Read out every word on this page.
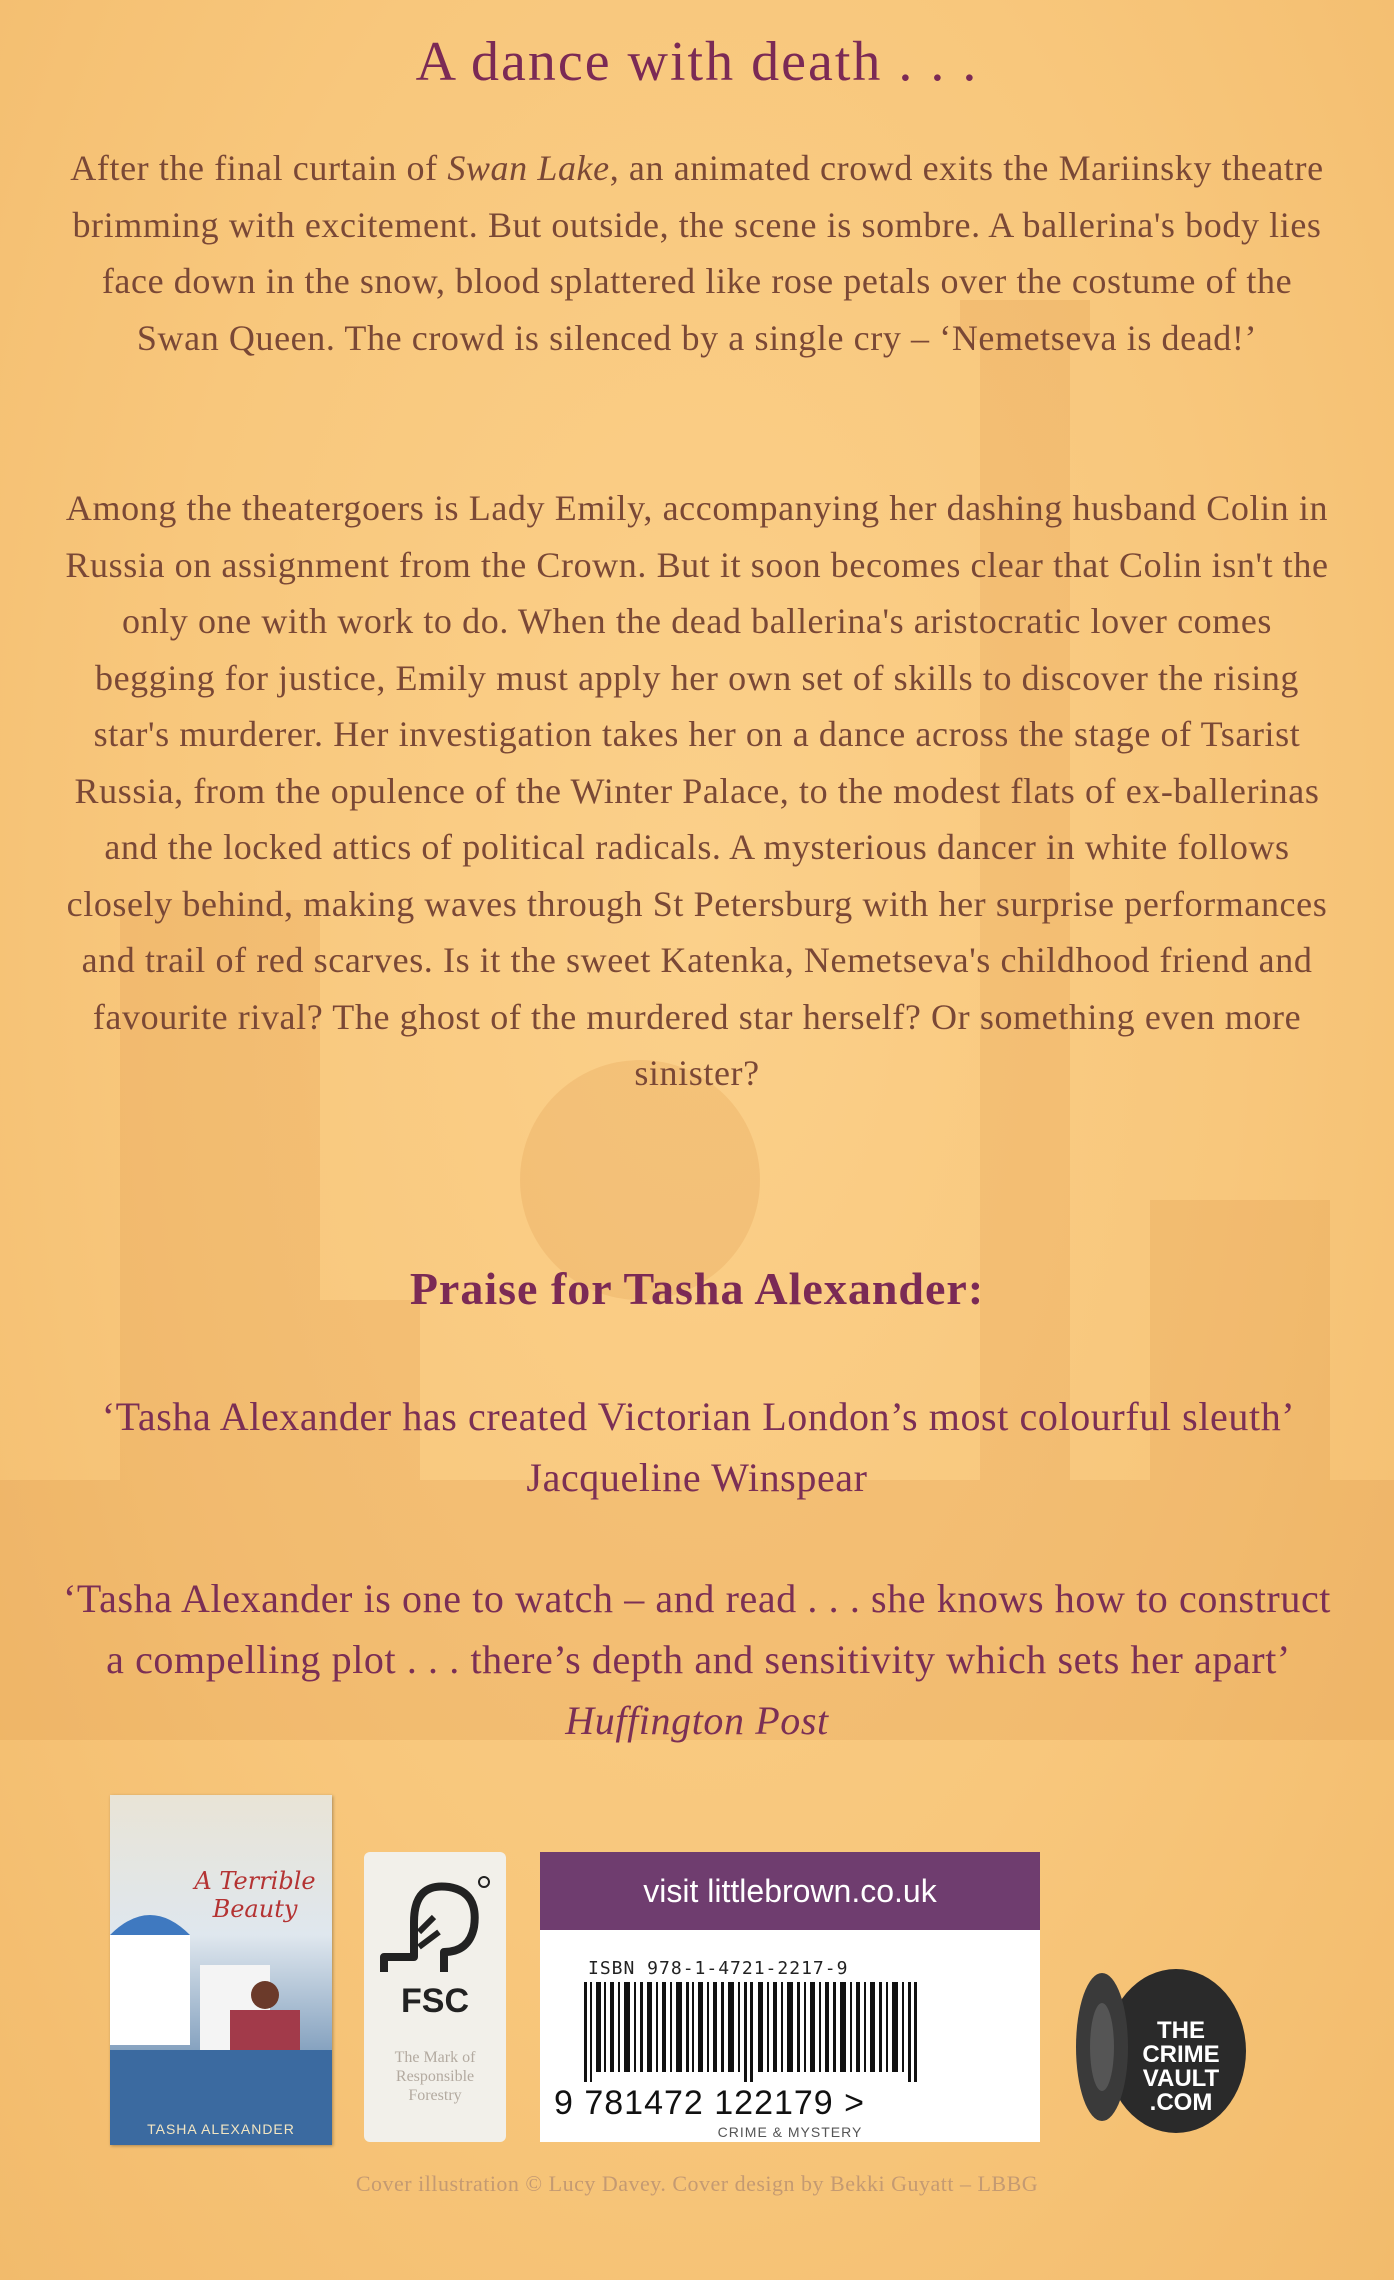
A dance with death . . .

After the final curtain of Swan Lake, an animated crowd exits the Mariinsky theatre brimming with excitement. But outside, the scene is sombre. A ballerina's body lies face down in the snow, blood splattered like rose petals over the costume of the Swan Queen. The crowd is silenced by a single cry – ‘Nemetseva is dead!’

Among the theatergoers is Lady Emily, accompanying her dashing husband Colin in Russia on assignment from the Crown. But it soon becomes clear that Colin isn't the only one with work to do. When the dead ballerina's aristocratic lover comes begging for justice, Emily must apply her own set of skills to discover the rising star's murderer. Her investigation takes her on a dance across the stage of Tsarist Russia, from the opulence of the Winter Palace, to the modest flats of ex-ballerinas and the locked attics of political radicals. A mysterious dancer in white follows closely behind, making waves through St Petersburg with her surprise performances and trail of red scarves. Is it the sweet Katenka, Nemetseva's childhood friend and favourite rival? The ghost of the murdered star herself? Or something even more sinister?

Praise for Tasha Alexander:

‘Tasha Alexander has created Victorian London’s most colourful sleuth’ Jacqueline Winspear

‘Tasha Alexander is one to watch – and read . . . she knows how to construct a compelling plot . . . there’s depth and sensitivity which sets her apart’ Huffington Post

A Terrible Beauty
TASHA ALEXANDER
FSC
The Mark of Responsible Forestry
visit littlebrown.co.uk
ISBN 978-1-4721-2217-9
9 781472 122179 >
CRIME & MYSTERY
THE
CRIME
VAULT
.COM
Cover illustration © Lucy Davey. Cover design by Bekki Guyatt – LBBG
